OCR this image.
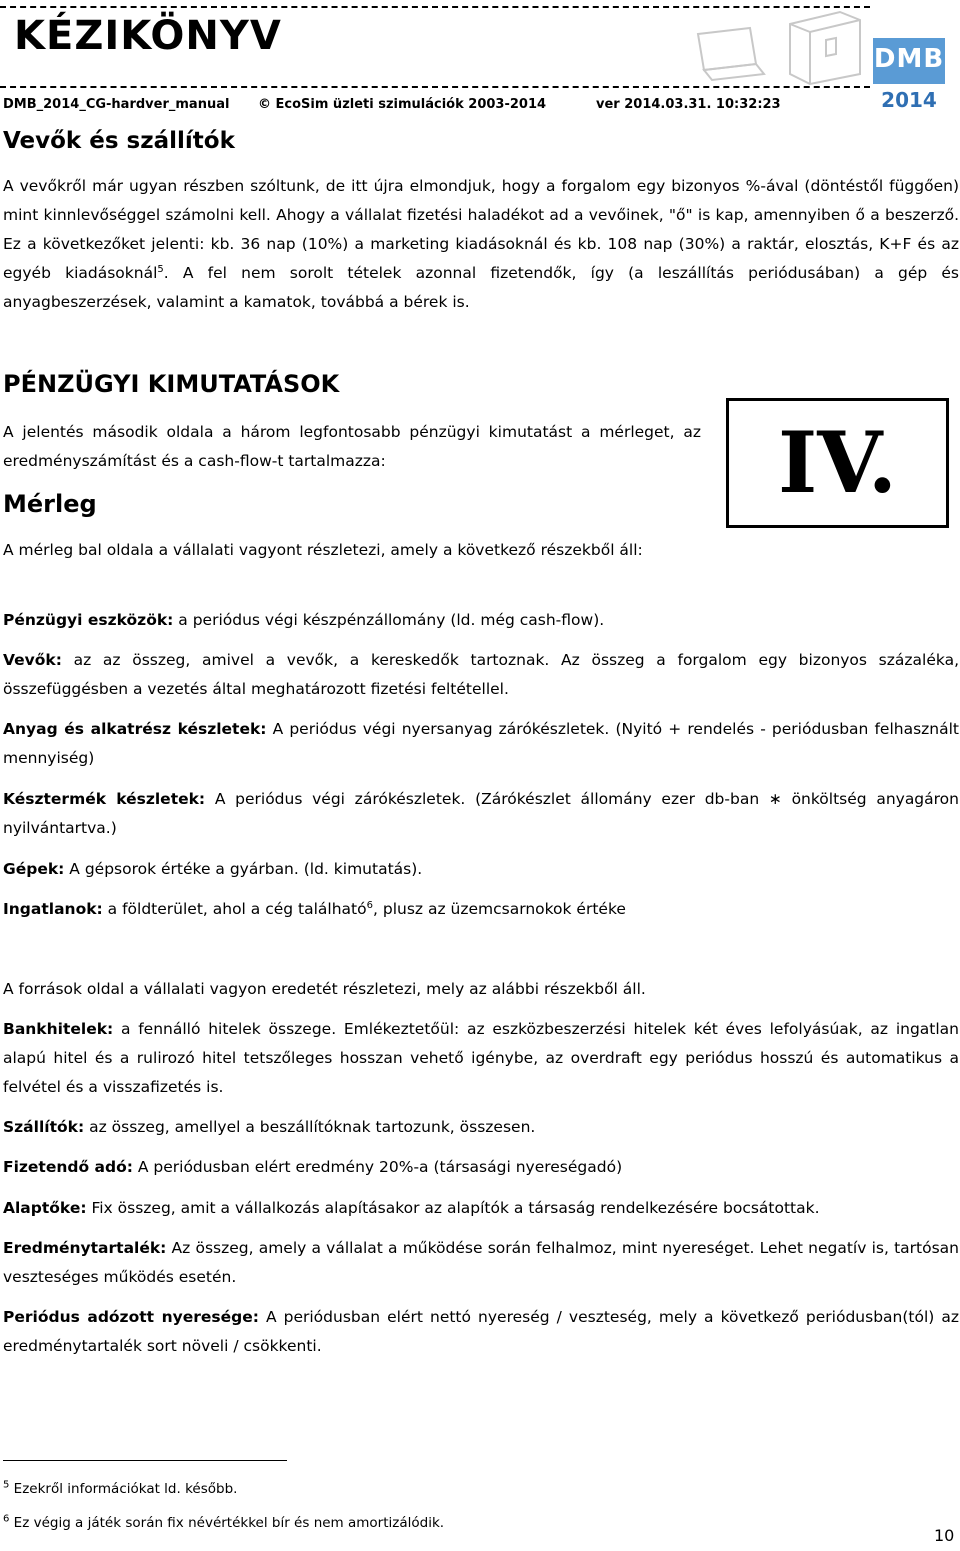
KÉZIKÖNYV
DMB_2014_CG-hardver_manual © EcoSim üzleti szimulációk 2003-2014	ver 2014.03.31. 10:32:23
DMB
2014
Vevők és szállítók

A vevőkről már ugyan részben szóltunk, de itt újra elmondjuk, hogy a forgalom egy bizonyos %-ával (döntéstől függően) mint kinnlevőséggel számolni kell. Ahogy a vállalat fizetési haladékot ad a vevőinek, "ő" is kap, amennyiben ő a beszerző. Ez a következőket jelenti: kb. 36 nap (10%) a marketing kiadásoknál és kb. 108 nap (30%) a raktár, elosztás, K+F és az egyéb kiadásoknál$^5$. A fel nem sorolt tételek azonnal fizetendők, így (a leszállítás periódusában) a gép és anyagbeszerzések, valamint a kamatok, továbbá a bérek is.

PÉNZÜGYI KIMUTATÁSOK

A jelentés második oldala a három legfontosabb pénzügyi kimutatást a mérleget, az eredményszámítást és a cash-flow-t tartalmazza:	IV.
Mérleg

A mérleg bal oldala a vállalati vagyont részletezi, amely a következő részekből áll:

Pénzügyi eszközök: a periódus végi készpénzállomány (ld. még cash-flow).

Vevők: az az összeg, amivel a vevők, a kereskedők tartoznak. Az összeg a forgalom egy bizonyos százaléka, összefüggésben a vezetés által meghatározott fizetési feltétellel.

Anyag és alkatrész készletek: A periódus végi nyersanyag zárókészletek. (Nyitó + rendelés - periódusban felhasznált mennyiség)

Késztermék készletek: A periódus végi zárókészletek. (Zárókészlet állomány ezer db-ban ∗ önköltség anyagáron nyilvántartva.)

Gépek: A gépsorok értéke a gyárban. (ld. kimutatás).

Ingatlanok: a földterület, ahol a cég található$^6$, plusz az üzemcsarnokok értéke

A források oldal a vállalati vagyon eredetét részletezi, mely az alábbi részekből áll.

Bankhitelek: a fennálló hitelek összege. Emlékeztetőül: az eszközbeszerzési hitelek két éves lefolyásúak, az ingatlan alapú hitel és a rulirozó hitel tetszőleges hosszan vehető igénybe, az overdraft egy periódus hosszú és automatikus a felvétel és a visszafizetés is.

Szállítók: az összeg, amellyel a beszállítóknak tartozunk, összesen.

Fizetendő adó: A periódusban elért eredmény 20%-a (társasági nyereségadó)

Alaptőke: Fix összeg, amit a vállalkozás alapításakor az alapítók a társaság rendelkezésére bocsátottak.

Eredménytartalék: Az összeg, amely a vállalat a működése során felhalmoz, mint nyereséget. Lehet negatív is, tartósan veszteséges működés esetén.

Periódus adózott nyeresége: A periódusban elért nettó nyereség / veszteség, mely a következő periódusban(tól) az eredménytartalék sort növeli / csökkenti.

$^5$ Ezekről információkat ld. később.
$^6$ Ez végig a játék során fix névértékkel bír és nem amortizálódik.
10
